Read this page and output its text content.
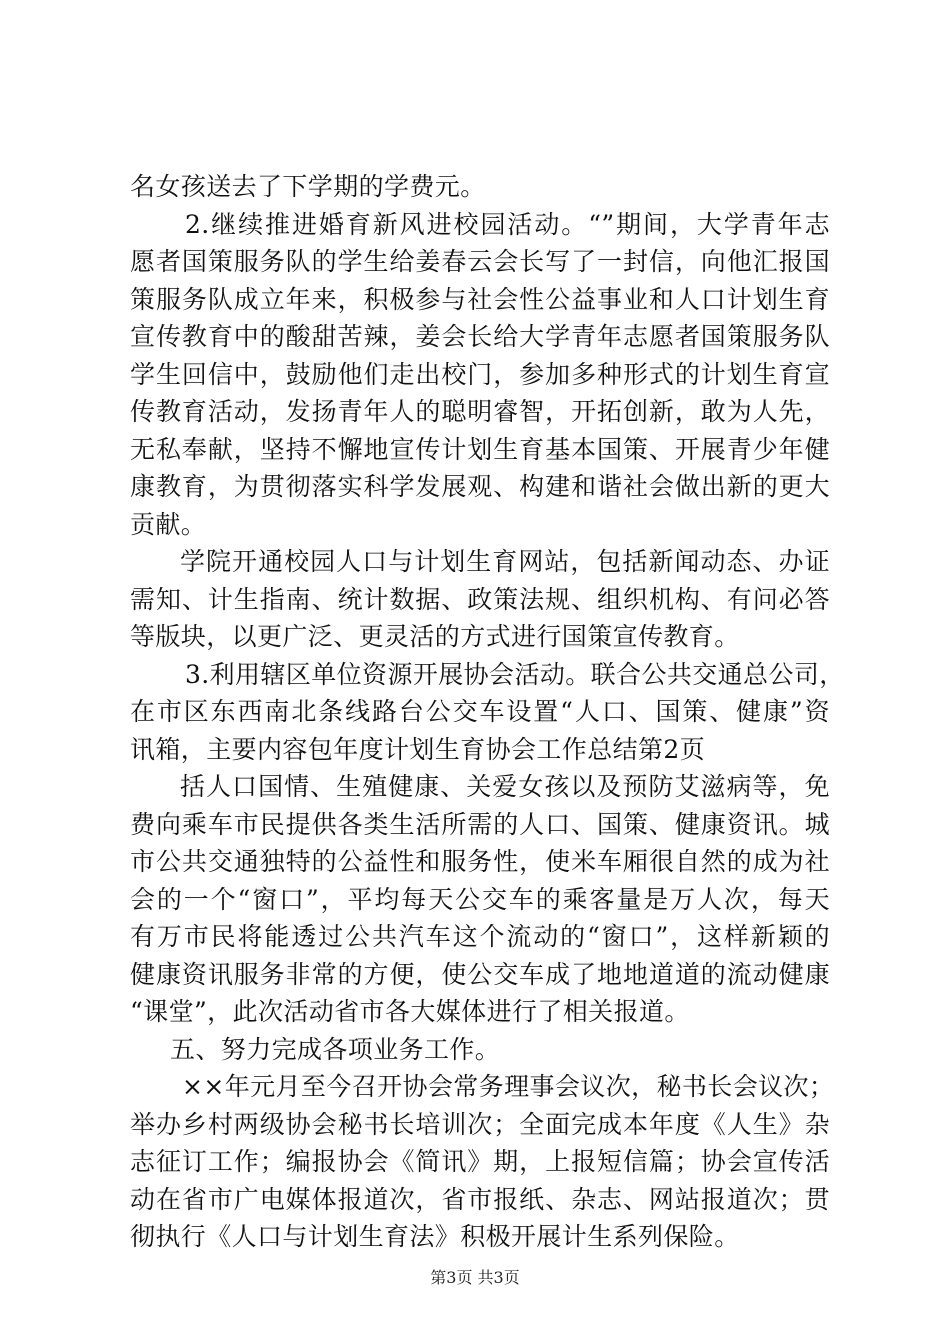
名女孩送去了下学期的学费元。
2.继续推进婚育新风进校园活动。“”期间，大学青年志
愿者国策服务队的学生给姜春云会长写了一封信，向他汇报国
策服务队成立年来，积极参与社会性公益事业和人口计划生育
宣传教育中的酸甜苦辣，姜会长给大学青年志愿者国策服务队
学生回信中，鼓励他们走出校门，参加多种形式的计划生育宣
传教育活动，发扬青年人的聪明睿智，开拓创新，敢为人先，
无私奉献，坚持不懈地宣传计划生育基本国策、开展青少年健
康教育，为贯彻落实科学发展观、构建和谐社会做出新的更大
贡献。
学院开通校园人口与计划生育网站，包括新闻动态、办证
需知、计生指南、统计数据、政策法规、组织机构、有问必答
等版块，以更广泛、更灵活的方式进行国策宣传教育。
3.利用辖区单位资源开展协会活动。联合公共交通总公司，
在市区东西南北条线路台公交车设置“人口、国策、健康”资
讯箱，主要内容包年度计划生育协会工作总结第2页
括人口国情、生殖健康、关爱女孩以及预防艾滋病等，免
费向乘车市民提供各类生活所需的人口、国策、健康资讯。城
市公共交通独特的公益性和服务性，使米车厢很自然的成为社
会的一个“窗口”，平均每天公交车的乘客量是万人次，每天
有万市民将能透过公共汽车这个流动的“窗口”，这样新颖的
健康资讯服务非常的方便，使公交车成了地地道道的流动健康
“课堂”，此次活动省市各大媒体进行了相关报道。
五、努力完成各项业务工作。
××年元月至今召开协会常务理事会议次，秘书长会议次；
举办乡村两级协会秘书长培训次；全面完成本年度《人生》杂
志征订工作；编报协会《简讯》期，上报短信篇；协会宣传活
动在省市广电媒体报道次，省市报纸、杂志、网站报道次；贯
彻执行《人口与计划生育法》积极开展计生系列保险。
第3页 共3页
